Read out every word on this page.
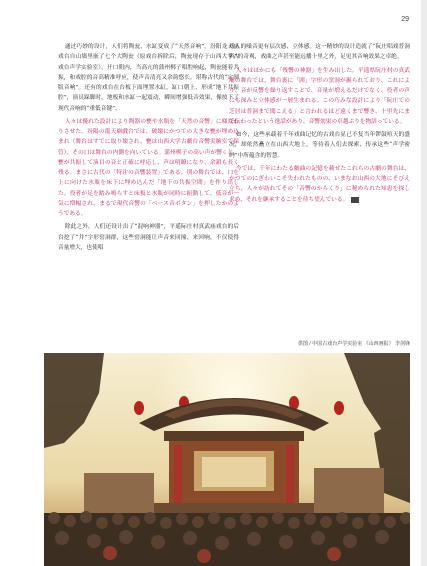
29

通过巧妙的设计，人们将陶瓮、水缸变成了“天然音响”。汾阳龙天庙戏台自山墙里嵌了七个大陶瓮（原戏台拆除后，陶瓮现存于山西大学古戏台声学实验室），开口朝内，当高亢的蒲州梆子唱腔响起，陶瓮能着共振，和戏腔的音高精准呼应，使声音清亮又余韵悠长。堪称古代的“定制版音响”。还有的戏台在台板下面埋置水缸，缸口朝上，形成“地下共振腔”，演员跺脚时，地板和水缸一起震动，瞬间增强低音效果，像按下了现代音响的“重低音键”。

人々は優れた設計により陶器の甕や水瓶を「天然の音響」に様変わりさせた。汾陽の龍天廟戯台では、破壊にかつての大きな甕が埋め込まれ（舞台はすでに取り壊され、甕は山西大学古劇台音響実験室で保管）、その口は舞台の内側を向いている。蒲州梆子の高い声が響くと、甕が共振して演目の音と正確に呼応し、声は明瞭になり、余韻も長く残る。まさに古代の「特注の音響装置」である。別の舞台では、口を上に向けた水瓶を床下に埋め込んだ「地下の共振空間」を作り出した。役者が足を踏み鳴らすと床板と水瓶が同時に振動して、低音が一気に増幅され、まるで現代音響の「ベース音ボタン」を押したかのようである。

除此之外，人们还设计出了“混响神器”，平遥际庄村真武庙戏台的后台挖了“井”字形窑洞群，这些窑洞能让声音来回撞、来回响，不仅使得音量增大，也使唱

戏人的噪音更有层次感、立体感。这一精妙的设计造就了“阮庄唱戏普洞听”的奇观，戏曲之声甚至能远播十里之外，足见其音响效果之卓绝。

人々はほかにも「残響の神器」を生み出した。平遥県阮庄村の真武廟の舞台では、舞台裏に「囲」字形の窯洞が掘られており、これにより、音が反響を繰り返すことで、音量が増えるだけでなく、役者の声にも深みと立体感が一層生まれる。この巧みな設計により「阮庄での芝居は普洞まで聞こえる」と言われるほど遠くまで響き、十里先にまで伝わったという逸話があり、音響効果の卓越ぶりを物語っている。

如今，这些承载着千年戏曲记忆的古戏台显已不复当年锣鼓喧天的盛况，却依然矗立在山西大地上，等待着人们去探索、传承这些“声学密码”中所蕴含的智慧。

今では、千年にわたる劇曲の記憶を載せたこれらの古劇の舞台は、かつてのにぎわいこそ失われたものの、いまなお山西の大地にそびえ立ち、人々が訪れてその「音響のからくり」に秘められた知恵を探し求め、それを継承することを待ち望んでいる。 三

供图 / 中国古戏台声学实验室 《山西画报》 李剑锋
